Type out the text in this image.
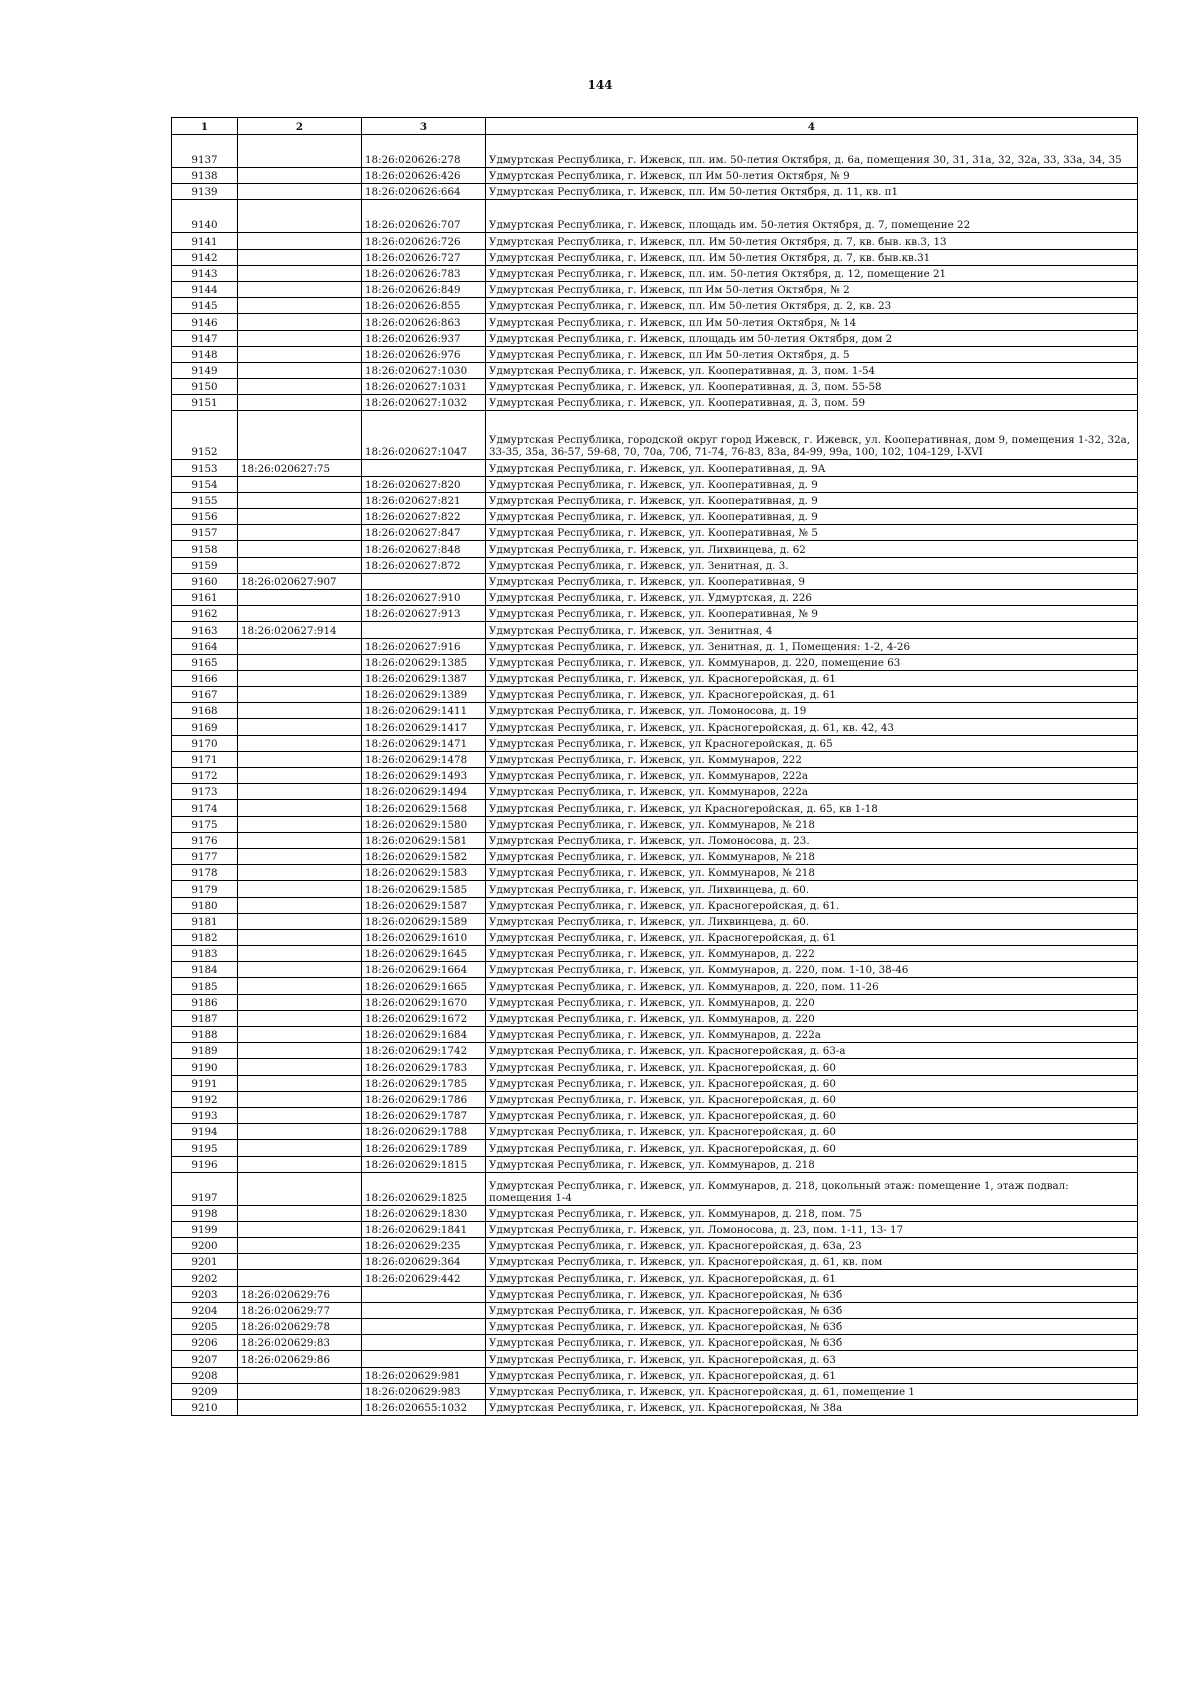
144
1	2	3	4
9137		18:26:020626:278	Удмуртская Республика, г. Ижевск, пл. им. 50-летия Октября, д. 6а, помещения 30, 31, 31а, 32, 32а, 33, 33а, 34, 35
9138		18:26:020626:426	Удмуртская Республика, г. Ижевск, пл Им 50-летия Октября, № 9
9139		18:26:020626:664	Удмуртская Республика, г. Ижевск, пл. Им 50-летия Октября, д. 11, кв. п1
9140		18:26:020626:707	Удмуртская Республика, г. Ижевск, площадь им. 50-летия Октября, д. 7, помещение 22
9141		18:26:020626:726	Удмуртская Республика, г. Ижевск, пл. Им 50-летия Октября, д. 7, кв. быв. кв.3, 13
9142		18:26:020626:727	Удмуртская Республика, г. Ижевск, пл. Им 50-летия Октября, д. 7, кв. быв.кв.31
9143		18:26:020626:783	Удмуртская Республика, г. Ижевск, пл. им. 50-летия Октября, д. 12, помещение 21
9144		18:26:020626:849	Удмуртская Республика, г. Ижевск, пл Им 50-летия Октября, № 2
9145		18:26:020626:855	Удмуртская Республика, г. Ижевск, пл. Им 50-летия Октября, д. 2, кв. 23
9146		18:26:020626:863	Удмуртская Республика, г. Ижевск, пл Им 50-летия Октября, № 14
9147		18:26:020626:937	Удмуртская Республика, г. Ижевск, площадь им 50-летия Октября, дом 2
9148		18:26:020626:976	Удмуртская Республика, г. Ижевск, пл Им 50-летия Октября, д. 5
9149		18:26:020627:1030	Удмуртская Республика, г. Ижевск, ул. Кооперативная, д. 3, пом. 1-54
9150		18:26:020627:1031	Удмуртская Республика, г. Ижевск, ул. Кооперативная, д. 3, пом. 55-58
9151		18:26:020627:1032	Удмуртская Республика, г. Ижевск, ул. Кооперативная, д. 3, пом. 59
9152		18:26:020627:1047	Удмуртская Республика, городской округ город Ижевск, г. Ижевск, ул. Кооперативная, дом 9, помещения 1-32, 32а, 33-35, 35а, 36-57, 59-68, 70, 70а, 70б, 71-74, 76-83, 83а, 84-99, 99а, 100, 102, 104-129, I-XVI
9153	18:26:020627:75		Удмуртская Республика, г. Ижевск, ул. Кооперативная, д. 9А
9154		18:26:020627:820	Удмуртская Республика, г. Ижевск, ул. Кооперативная, д. 9
9155		18:26:020627:821	Удмуртская Республика, г. Ижевск, ул. Кооперативная, д. 9
9156		18:26:020627:822	Удмуртская Республика, г. Ижевск, ул. Кооперативная, д. 9
9157		18:26:020627:847	Удмуртская Республика, г. Ижевск, ул. Кооперативная, № 5
9158		18:26:020627:848	Удмуртская Республика, г. Ижевск, ул. Лихвинцева, д. 62
9159		18:26:020627:872	Удмуртская Республика, г. Ижевск, ул. Зенитная, д. 3.
9160	18:26:020627:907		Удмуртская Республика, г. Ижевск, ул. Кооперативная, 9
9161		18:26:020627:910	Удмуртская Республика, г. Ижевск, ул. Удмуртская, д. 226
9162		18:26:020627:913	Удмуртская Республика, г. Ижевск, ул. Кооперативная, № 9
9163	18:26:020627:914		Удмуртская Республика, г. Ижевск, ул. Зенитная, 4
9164		18:26:020627:916	Удмуртская Республика, г. Ижевск, ул. Зенитная, д. 1, Помещения: 1-2, 4-26
9165		18:26:020629:1385	Удмуртская Республика, г. Ижевск, ул. Коммунаров, д. 220, помещение 63
9166		18:26:020629:1387	Удмуртская Республика, г. Ижевск, ул. Красногеройская, д. 61
9167		18:26:020629:1389	Удмуртская Республика, г. Ижевск, ул. Красногеройская, д. 61
9168		18:26:020629:1411	Удмуртская Республика, г. Ижевск, ул. Ломоносова, д. 19
9169		18:26:020629:1417	Удмуртская Республика, г. Ижевск, ул. Красногеройская, д. 61, кв. 42, 43
9170		18:26:020629:1471	Удмуртская Республика, г. Ижевск, ул Красногеройская, д. 65
9171		18:26:020629:1478	Удмуртская Республика, г. Ижевск, ул. Коммунаров, 222
9172		18:26:020629:1493	Удмуртская Республика, г. Ижевск, ул. Коммунаров, 222а
9173		18:26:020629:1494	Удмуртская Республика, г. Ижевск, ул. Коммунаров, 222а
9174		18:26:020629:1568	Удмуртская Республика, г. Ижевск, ул Красногеройская, д. 65, кв 1-18
9175		18:26:020629:1580	Удмуртская Республика, г. Ижевск, ул. Коммунаров, № 218
9176		18:26:020629:1581	Удмуртская Республика, г. Ижевск, ул. Ломоносова, д. 23.
9177		18:26:020629:1582	Удмуртская Республика, г. Ижевск, ул. Коммунаров, № 218
9178		18:26:020629:1583	Удмуртская Республика, г. Ижевск, ул. Коммунаров, № 218
9179		18:26:020629:1585	Удмуртская Республика, г. Ижевск, ул. Лихвинцева, д. 60.
9180		18:26:020629:1587	Удмуртская Республика, г. Ижевск, ул. Красногеройская, д. 61.
9181		18:26:020629:1589	Удмуртская Республика, г. Ижевск, ул. Лихвинцева, д. 60.
9182		18:26:020629:1610	Удмуртская Республика, г. Ижевск, ул. Красногеройская, д. 61
9183		18:26:020629:1645	Удмуртская Республика, г. Ижевск, ул. Коммунаров, д. 222
9184		18:26:020629:1664	Удмуртская Республика, г. Ижевск, ул. Коммунаров, д. 220, пом. 1-10, 38-46
9185		18:26:020629:1665	Удмуртская Республика, г. Ижевск, ул. Коммунаров, д. 220, пом. 11-26
9186		18:26:020629:1670	Удмуртская Республика, г. Ижевск, ул. Коммунаров, д. 220
9187		18:26:020629:1672	Удмуртская Республика, г. Ижевск, ул. Коммунаров, д. 220
9188		18:26:020629:1684	Удмуртская Республика, г. Ижевск, ул. Коммунаров, д. 222а
9189		18:26:020629:1742	Удмуртская Республика, г. Ижевск, ул. Красногеройская, д. 63-а
9190		18:26:020629:1783	Удмуртская Республика, г. Ижевск, ул. Красногеройская, д. 60
9191		18:26:020629:1785	Удмуртская Республика, г. Ижевск, ул. Красногеройская, д. 60
9192		18:26:020629:1786	Удмуртская Республика, г. Ижевск, ул. Красногеройская, д. 60
9193		18:26:020629:1787	Удмуртская Республика, г. Ижевск, ул. Красногеройская, д. 60
9194		18:26:020629:1788	Удмуртская Республика, г. Ижевск, ул. Красногеройская, д. 60
9195		18:26:020629:1789	Удмуртская Республика, г. Ижевск, ул. Красногеройская, д. 60
9196		18:26:020629:1815	Удмуртская Республика, г. Ижевск, ул. Коммунаров, д. 218
9197		18:26:020629:1825	Удмуртская Республика, г. Ижевск, ул. Коммунаров, д. 218, цокольный этаж: помещение 1, этаж подвал: помещения 1-4
9198		18:26:020629:1830	Удмуртская Республика, г. Ижевск, ул. Коммунаров, д. 218, пом. 75
9199		18:26:020629:1841	Удмуртская Республика, г. Ижевск, ул. Ломоносова, д. 23, пом. 1-11, 13- 17
9200		18:26:020629:235	Удмуртская Республика, г. Ижевск, ул. Красногеройская, д. 63а, 23
9201		18:26:020629:364	Удмуртская Республика, г. Ижевск, ул. Красногеройская, д. 61, кв. пом
9202		18:26:020629:442	Удмуртская Республика, г. Ижевск, ул. Красногеройская, д. 61
9203	18:26:020629:76		Удмуртская Республика, г. Ижевск, ул. Красногеройская, № 63б
9204	18:26:020629:77		Удмуртская Республика, г. Ижевск, ул. Красногеройская, № 63б
9205	18:26:020629:78		Удмуртская Республика, г. Ижевск, ул. Красногеройская, № 63б
9206	18:26:020629:83		Удмуртская Республика, г. Ижевск, ул. Красногеройская, № 63б
9207	18:26:020629:86		Удмуртская Республика, г. Ижевск, ул. Красногеройская, д. 63
9208		18:26:020629:981	Удмуртская Республика, г. Ижевск, ул. Красногеройская, д. 61
9209		18:26:020629:983	Удмуртская Республика, г. Ижевск, ул. Красногеройская, д. 61, помещение 1
9210		18:26:020655:1032	Удмуртская Республика, г. Ижевск, ул. Красногеройская, № 38а
